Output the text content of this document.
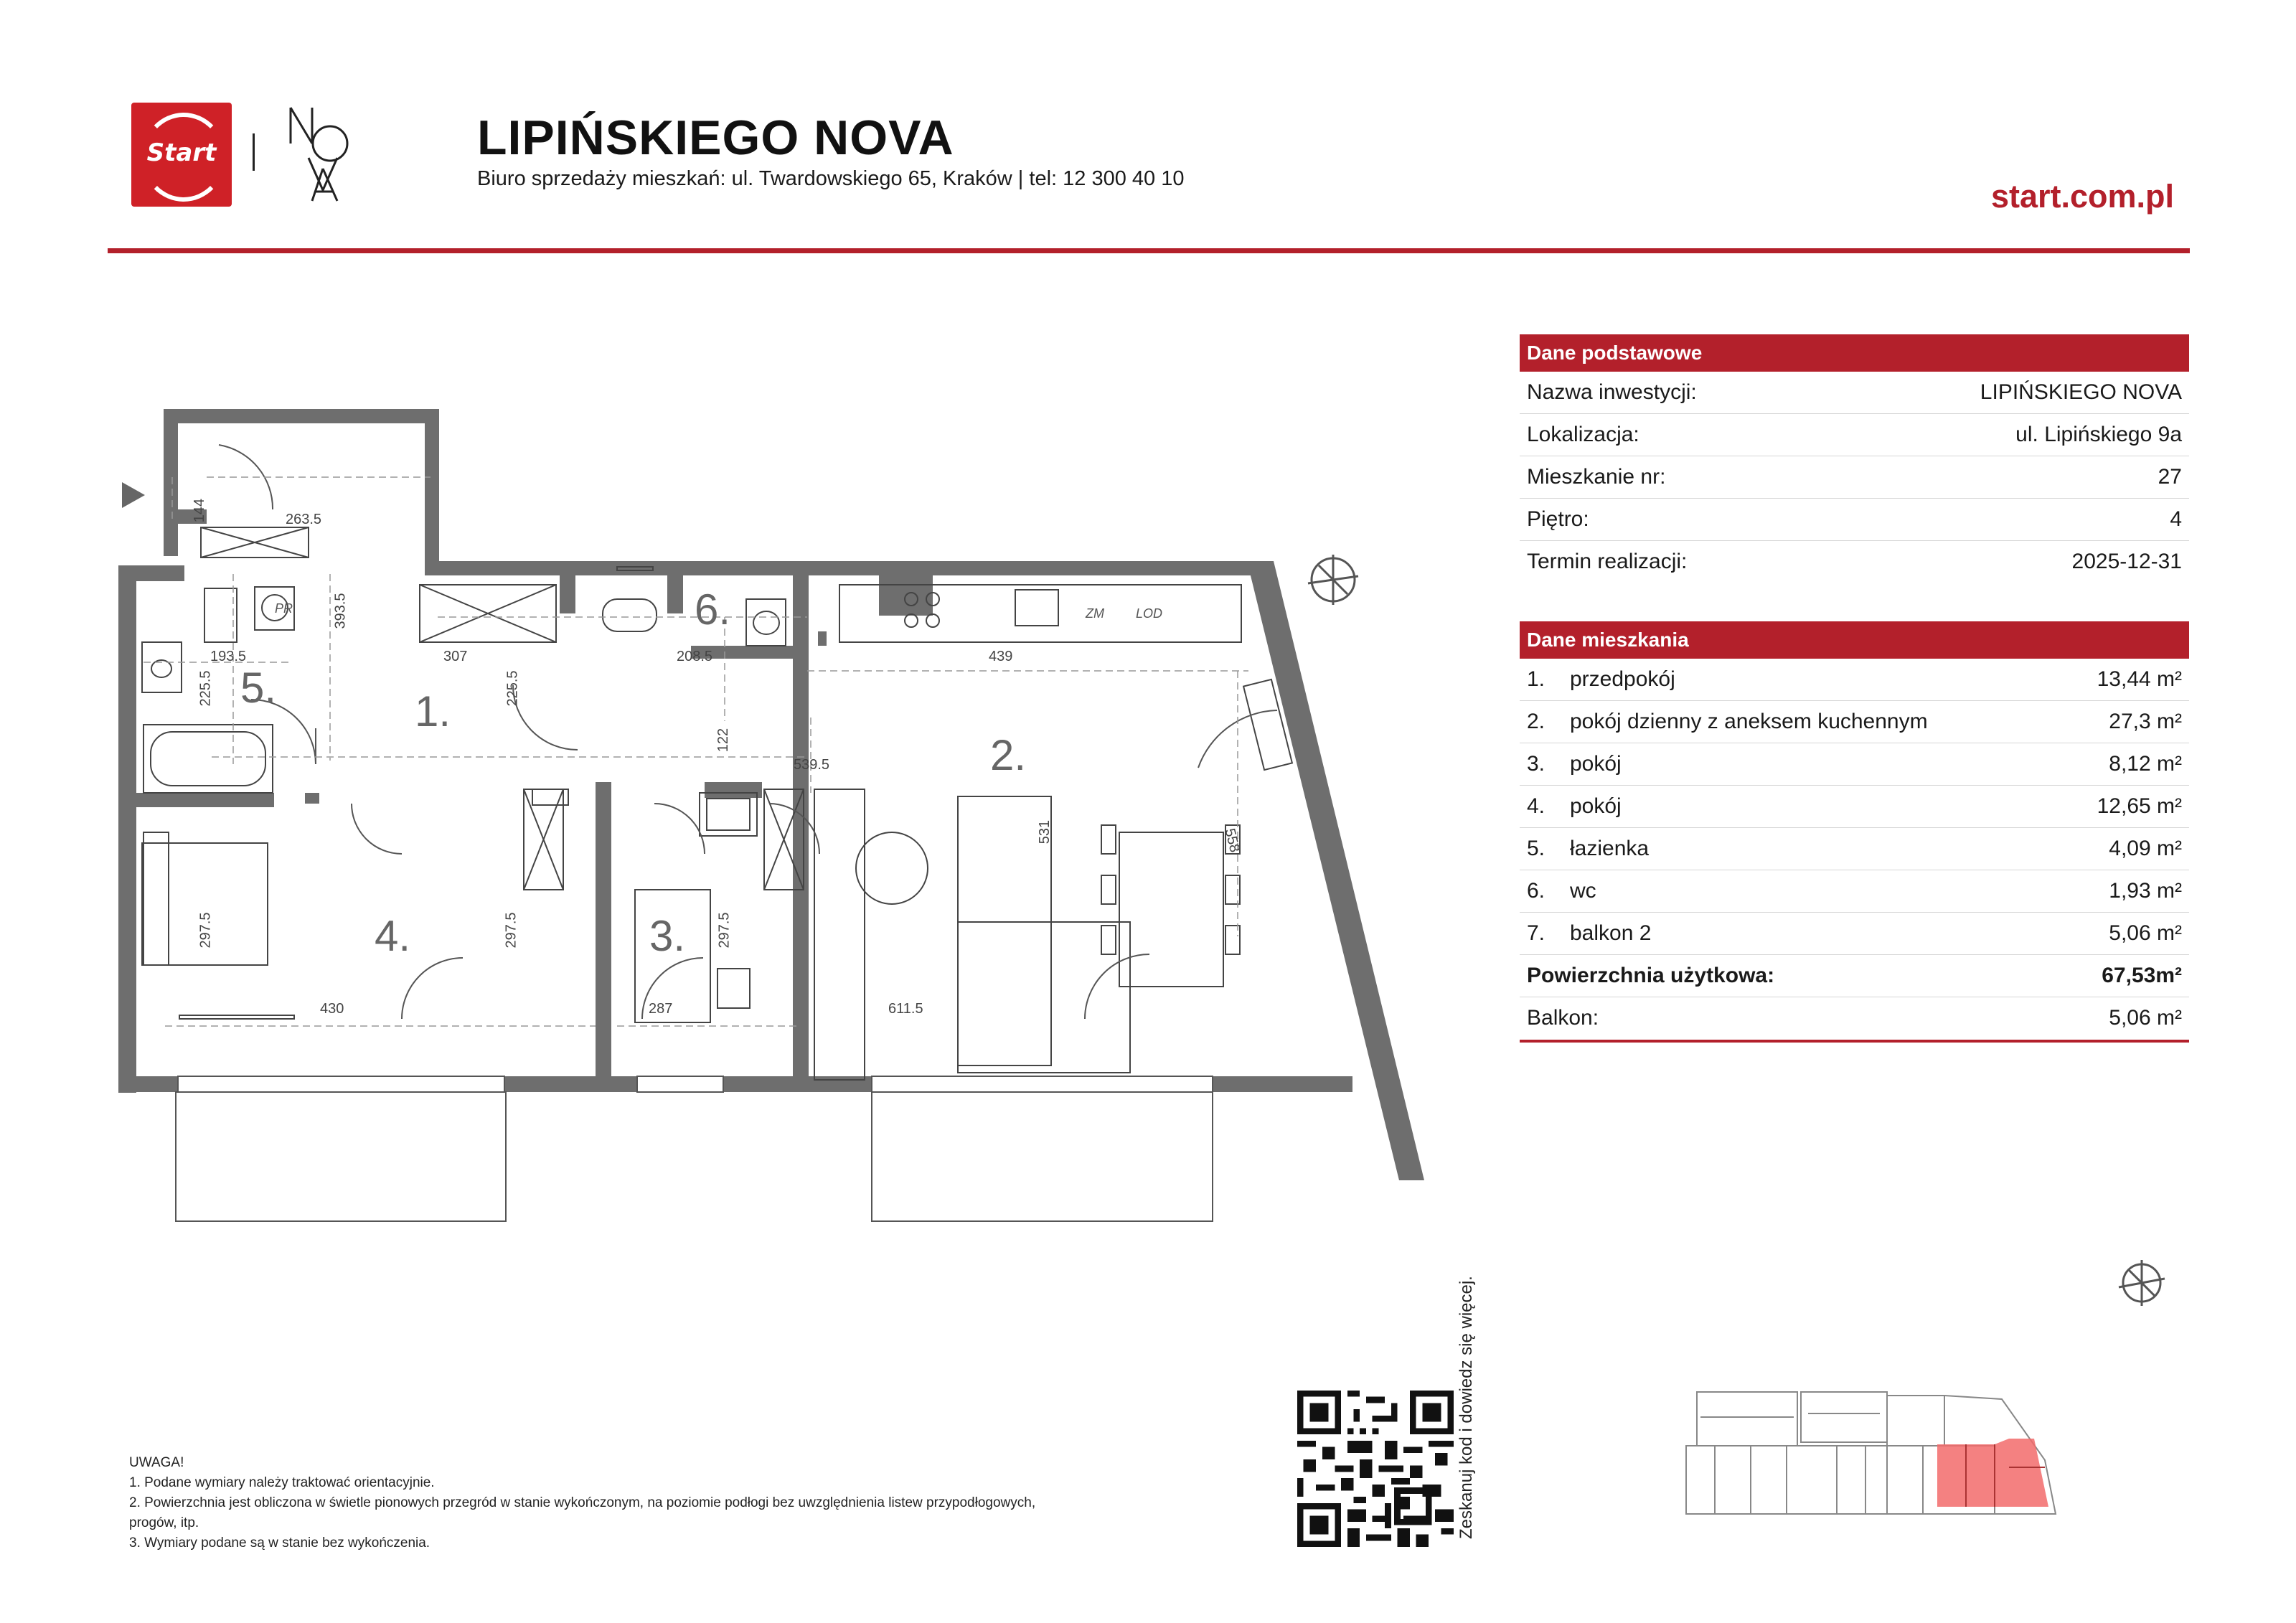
Start	LIPIŃSKIEGO NOVA
Biuro sprzedaży mieszkań: ul. Twardowskiego 65, Kraków | tel: 12 300 40 10	start.com.pl
1.
2.
3.
4.
5.
6.
144	263.5
393.5
193.5
225.5
307
225.5
208.5
122
439
539.5
531	558
297.5	297.5	297.5
430	287	611.5
PR	ZM LOD
Dane podstawowe
Nazwa inwestycji:	LIPIŃSKIEGO NOVA
Lokalizacja:	ul. Lipińskiego 9a
Mieszkanie nr:	27
Piętro:	4
Termin realizacji:	2025-12-31
Dane mieszkania
1. przedpokój	13,44 m²
2. pokój dzienny z aneksem kuchennym	27,3 m²
3. pokój	8,12 m²
4. pokój	12,65 m²
5. łazienka	4,09 m²
6. wc	1,93 m²
7. balkon 2	5,06 m²
Powierzchnia użytkowa:	67,53m²
Balkon:	5,06 m²
Zeskanuj kod i dowiedz się więcej.
UWAGA!
1. Podane wymiary należy traktować orientacyjnie.
2. Powierzchnia jest obliczona w świetle pionowych przegród w stanie wykończonym, na poziomie podłogi bez uwzględnienia listew przypodłogowych,
progów, itp.
3. Wymiary podane są w stanie bez wykończenia.
